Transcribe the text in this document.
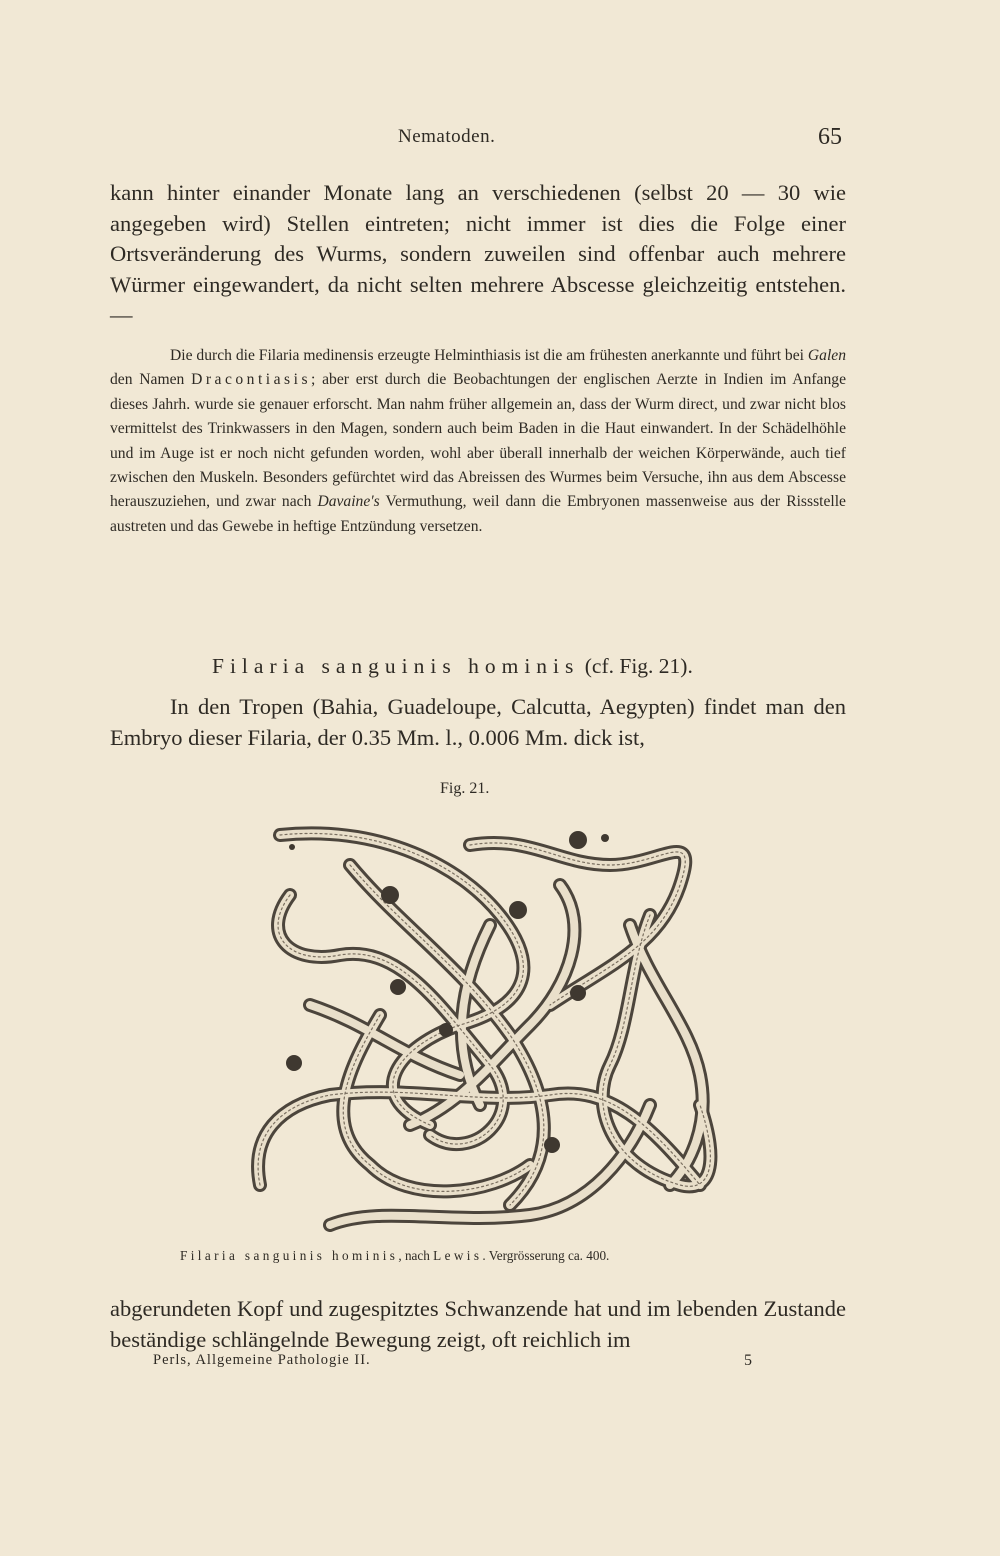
Nematoden.	65

kann hinter einander Monate lang an verschiedenen (selbst 20 — 30 wie angegeben wird) Stellen eintreten; nicht immer ist dies die Folge einer Ortsveränderung des Wurms, sondern zuweilen sind offenbar auch mehrere Würmer eingewandert, da nicht selten mehrere Abscesse gleichzeitig entstehen. —

Die durch die Filaria medinensis erzeugte Helminthiasis ist die am frühesten anerkannte und führt bei Galen den Namen Dracontiasis; aber erst durch die Beobachtungen der englischen Aerzte in Indien im Anfange dieses Jahrh. wurde sie genauer erforscht. Man nahm früher allgemein an, dass der Wurm direct, und zwar nicht blos vermittelst des Trinkwassers in den Magen, sondern auch beim Baden in die Haut einwandert. In der Schädelhöhle und im Auge ist er noch nicht gefunden worden, wohl aber überall innerhalb der weichen Körperwände, auch tief zwischen den Muskeln. Besonders gefürchtet wird das Abreissen des Wurmes beim Versuche, ihn aus dem Abscesse herauszuziehen, und zwar nach Davaine's Vermuthung, weil dann die Embryonen massenweise aus der Rissstelle austreten und das Gewebe in heftige Entzündung versetzen.

Filaria sanguinis hominis (cf. Fig. 21).

In den Tropen (Bahia, Guadeloupe, Calcutta, Aegypten) findet man den Embryo dieser Filaria, der 0.35 Mm. l., 0.006 Mm. dick ist,

Fig. 21.
Filaria sanguinis hominis, nach Lewis. Vergrösserung ca. 400.

abgerundeten Kopf und zugespitztes Schwanzende hat und im lebenden Zustande beständige schlängelnde Bewegung zeigt, oft reichlich im

Perls, Allgemeine Pathologie II.	5
